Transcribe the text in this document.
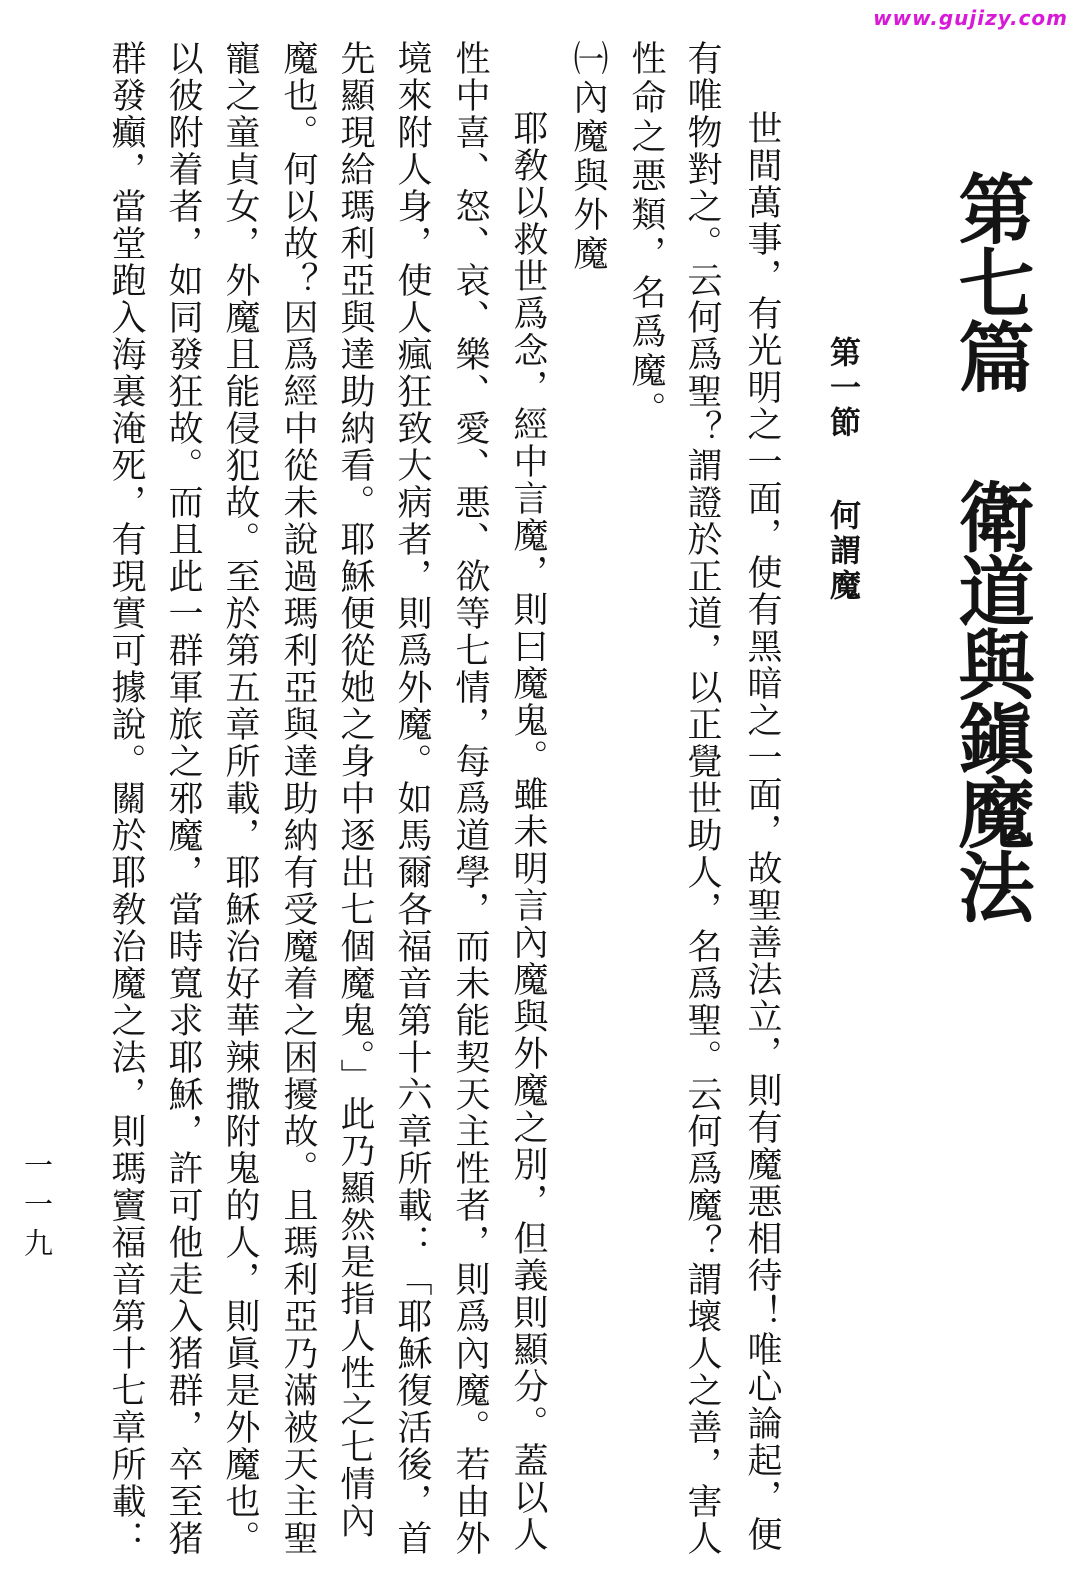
www.gujizy.com
第七篇衛道與鎭魔法
第一節何謂魔
世間萬事，有光明之一面，使有黑暗之一面，故聖善法立，則有魔悪相待！唯心論起，便
有唯物對之。云何爲聖？謂證於正道，以正覺世助人，名爲聖。云何爲魔？謂壞人之善，害人
性命之悪類，名爲魔。
㈠內魔與外魔
耶敎以救世爲念，經中言魔，則曰魔鬼。雖未明言內魔與外魔之別，但義則顯分。蓋以人
性中喜、怒、哀、樂、愛、悪、欲等七情，每爲道學，而未能契天主性者，則爲內魔。若由外
境來附人身，使人瘋狂致大病者，則爲外魔。如馬爾各福音第十六章所載：「耶穌復活後，首
先顯現給瑪利亞與達助納看。耶穌便從她之身中逐出七個魔鬼。」此乃顯然是指人性之七情內
魔也。何以故？因爲經中從未說過瑪利亞與達助納有受魔着之困擾故。且瑪利亞乃滿被天主聖
寵之童貞女，外魔且能侵犯故。至於第五章所載，耶穌治好華辣撒附鬼的人，則眞是外魔也。
以彼附着者，如同發狂故。而且此一群軍旅之邪魔，當時寬求耶穌，許可他走入猪群，卒至猪
群發癲，當堂跑入海裏淹死，有現實可據說。關於耶敎治魔之法，則瑪竇福音第十七章所載：
一一九
